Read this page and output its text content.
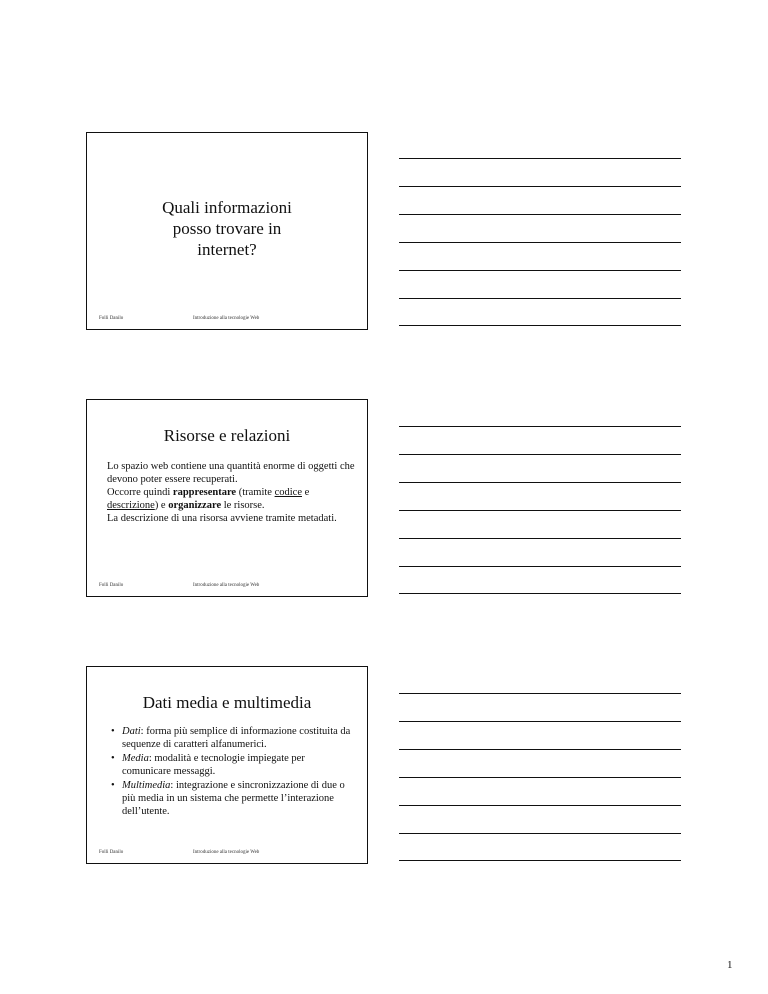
Quali informazioni posso trovare in internet?
Folli Danilo	Introduzione alla tecnologie Web
Risorse e relazioni

Lo spazio web contiene una quantità enorme di oggetti che devono poter essere recuperati.

Occorre quindi rappresentare (tramite codice e descrizione) e organizzare le risorse.

La descrizione di una risorsa avviene tramite metadati.

Folli Danilo	Introduzione alla tecnologie Web
Dati media e multimedia
• Dati: forma più semplice di informazione costituita da sequenze di caratteri alfanumerici.
• Media: modalità e tecnologie impiegate per comunicare messaggi.
• Multimedia: integrazione e sincronizzazione di due o più media in un sistema che permette l’interazione dell’utente.
Folli Danilo	Introduzione alla tecnologie Web
1
